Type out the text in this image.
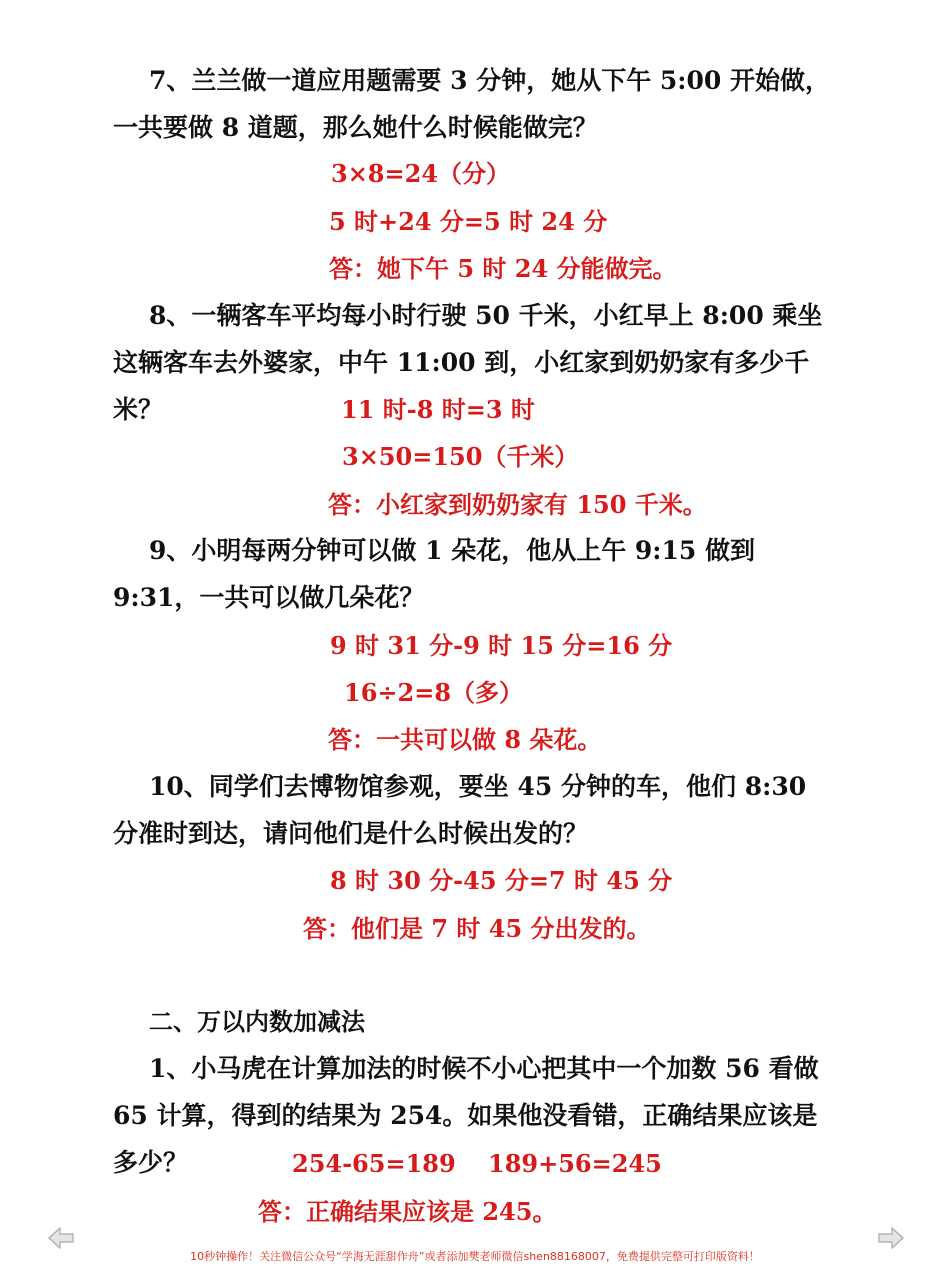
7、兰兰做一道应用题需要 3 分钟，她从下午 5:00 开始做，一共要做 8 道题，那么她什么时候能做完？
3×8=24（分）
5 时+24 分=5 时 24 分
答：她下午 5 时 24 分能做完。
8、一辆客车平均每小时行驶 50 千米，小红早上 8:00 乘坐这辆客车去外婆家，中午 11:00 到，小红家到奶奶家有多少千米？	11 时-8 时=3 时
3×50=150（千米）
答：小红家到奶奶家有 150 千米。
9、小明每两分钟可以做 1 朵花，他从上午 9:15 做到 9:31，一共可以做几朵花？
9 时 31 分-9 时 15 分=16 分
16÷2=8（多）
答：一共可以做 8 朵花。
10、同学们去博物馆参观，要坐 45 分钟的车，他们 8:30 分准时到达，请问他们是什么时候出发的？
8 时 30 分-45 分=7 时 45 分
答：他们是 7 时 45 分出发的。
二、万以内数加减法
1、小马虎在计算加法的时候不小心把其中一个加数 56 看做 65 计算，得到的结果为 254。如果他没看错，正确结果应该是多少？	254-65=189　 189+56=245
答：正确结果应该是 245。
10秒钟操作！关注微信公众号“学海无涯甜作舟”或者添加樊老师微信shen88168007，免费提供完整可打印版资料！
